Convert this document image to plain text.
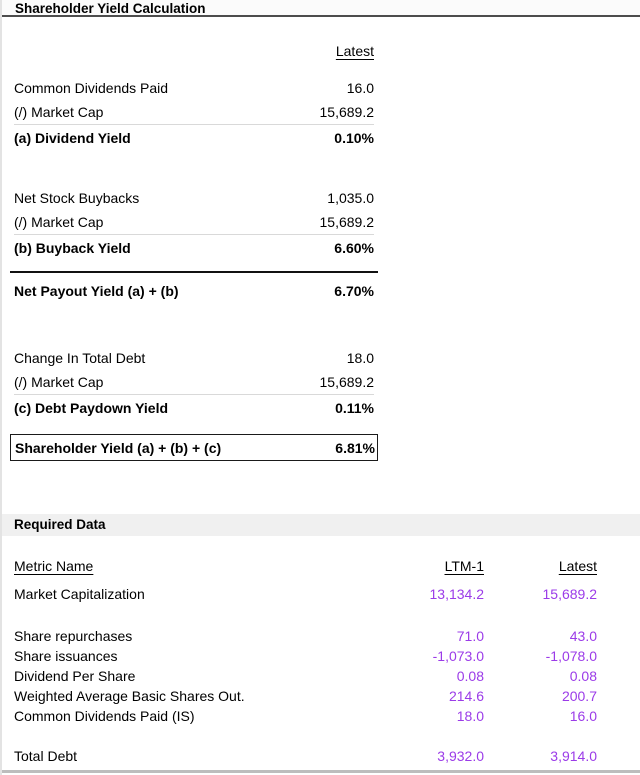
Shareholder Yield Calculation
Latest
Common Dividends Paid	16.0
(/) Market Cap	15,689.2
(a) Dividend Yield	0.10%
Net Stock Buybacks	1,035.0
(/) Market Cap	15,689.2
(b) Buyback Yield	6.60%
Net Payout Yield (a) + (b)	6.70%
Change In Total Debt	18.0
(/) Market Cap	15,689.2
(c) Debt Paydown Yield	0.11%
Shareholder Yield (a) + (b) + (c)	6.81%
Required Data
Metric Name	LTM-1	Latest
Market Capitalization	13,134.2	15,689.2
Share repurchases	71.0	43.0
Share issuances	-1,073.0	-1,078.0
Dividend Per Share	0.08	0.08
Weighted Average Basic Shares Out.	214.6	200.7
Common Dividends Paid (IS)	18.0	16.0
Total Debt	3,932.0	3,914.0
